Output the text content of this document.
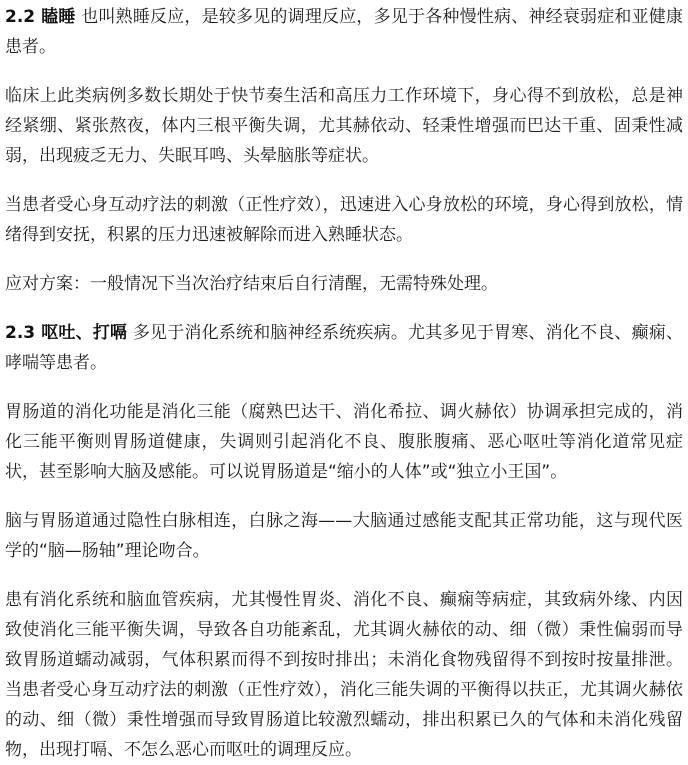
2.2 瞌睡 也叫熟睡反应，是较多见的调理反应，多见于各种慢性病、神经衰弱症和亚健康患者。

临床上此类病例多数长期处于快节奏生活和高压力工作环境下，身心得不到放松，总是神经紧绷、紧张熬夜，体内三根平衡失调，尤其赫依动、轻秉性增强而巴达干重、固秉性减弱，出现疲乏无力、失眠耳鸣、头晕脑胀等症状。

当患者受心身互动疗法的刺激（正性疗效），迅速进入心身放松的环境，身心得到放松，情绪得到安抚，积累的压力迅速被解除而进入熟睡状态。

应对方案：一般情况下当次治疗结束后自行清醒，无需特殊处理。

2.3 呕吐、打嗝 多见于消化系统和脑神经系统疾病。尤其多见于胃寒、消化不良、癫痫、哮喘等患者。

胃肠道的消化功能是消化三能（腐熟巴达干、消化希拉、调火赫依）协调承担完成的，消化三能平衡则胃肠道健康，失调则引起消化不良、腹胀腹痛、恶心呕吐等消化道常见症状，甚至影响大脑及感能。可以说胃肠道是“缩小的人体”或“独立小王国”。

脑与胃肠道通过隐性白脉相连，白脉之海——大脑通过感能支配其正常功能，这与现代医学的“脑—肠轴”理论吻合。

患有消化系统和脑血管疾病，尤其慢性胃炎、消化不良、癫痫等病症，其致病外缘、内因致使消化三能平衡失调，导致各自功能紊乱，尤其调火赫依的动、细（微）秉性偏弱而导致胃肠道蠕动减弱，气体积累而得不到按时排出；未消化食物残留得不到按时按量排泄。当患者受心身互动疗法的刺激（正性疗效），消化三能失调的平衡得以扶正，尤其调火赫依的动、细（微）秉性增强而导致胃肠道比较激烈蠕动，排出积累已久的气体和未消化残留物，出现打嗝、不怎么恶心而呕吐的调理反应。
